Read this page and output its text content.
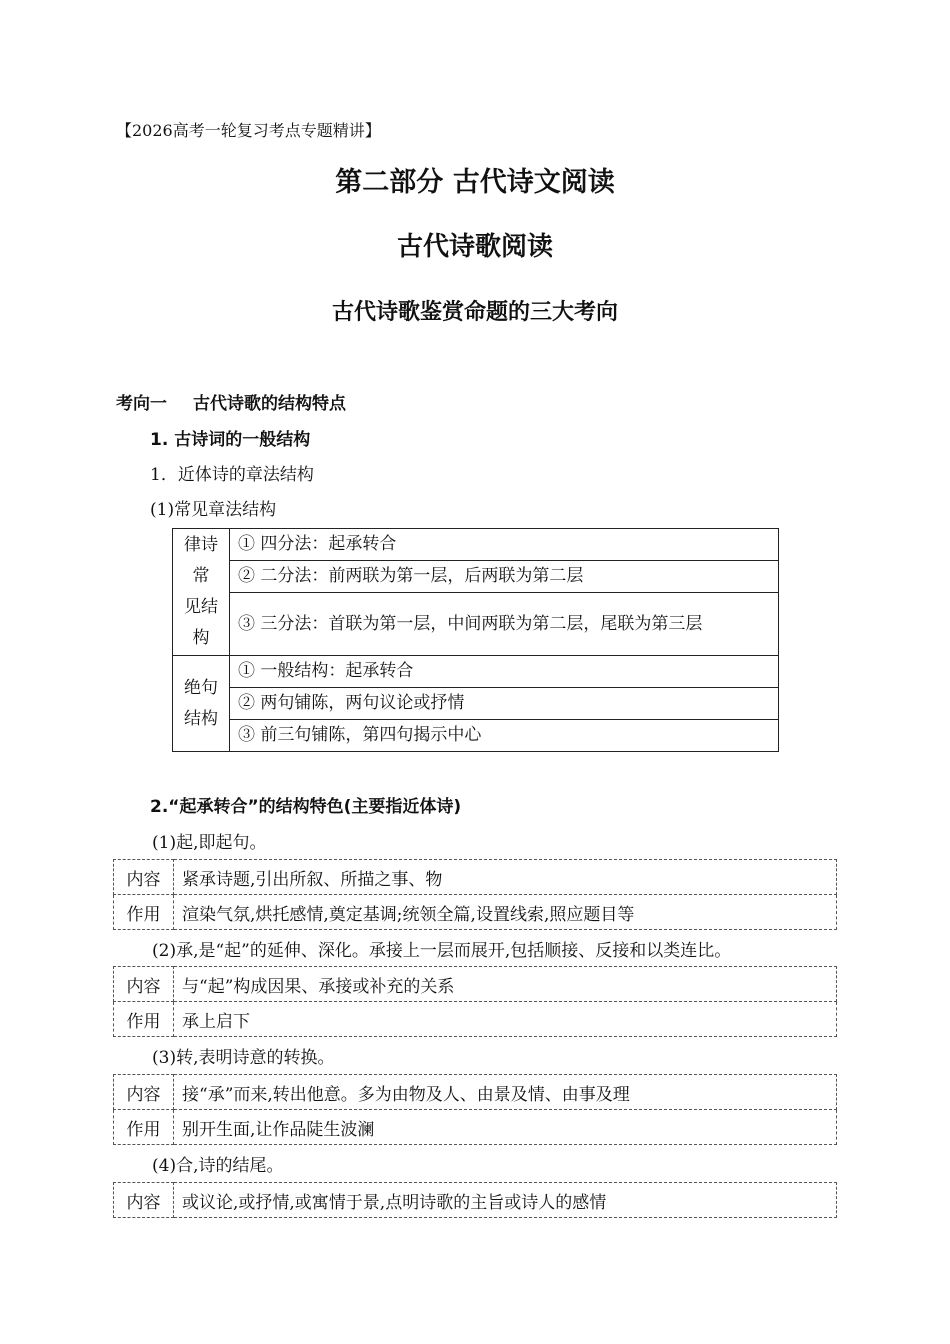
【2026高考一轮复习考点专题精讲】
第二部分 古代诗文阅读
古代诗歌阅读
古代诗歌鉴赏命题的三大考向
考向一 古代诗歌的结构特点
1. 古诗词的一般结构
1．近体诗的章法结构
(1)常见章法结构
律诗
常
见结
构	① 四分法：起承转合
	② 二分法：前两联为第一层，后两联为第二层
	③ 三分法：首联为第一层，中间两联为第二层，尾联为第三层

绝句
结构	① 一般结构：起承转合
	② 两句铺陈，两句议论或抒情
	③ 前三句铺陈，第四句揭示中心
2.“起承转合”的结构特色(主要指近体诗)
(1)起,即起句。
内容	紧承诗题,引出所叙、所描之事、物
作用	渲染气氛,烘托感情,奠定基调;统领全篇,设置线索,照应题目等
(2)承,是“起”的延伸、深化。承接上一层而展开,包括顺接、反接和以类连比。
内容	与“起”构成因果、承接或补充的关系
作用	承上启下
(3)转,表明诗意的转换。
内容	接“承”而来,转出他意。多为由物及人、由景及情、由事及理
作用	别开生面,让作品陡生波澜
(4)合,诗的结尾。
内容	或议论,或抒情,或寓情于景,点明诗歌的主旨或诗人的感情
